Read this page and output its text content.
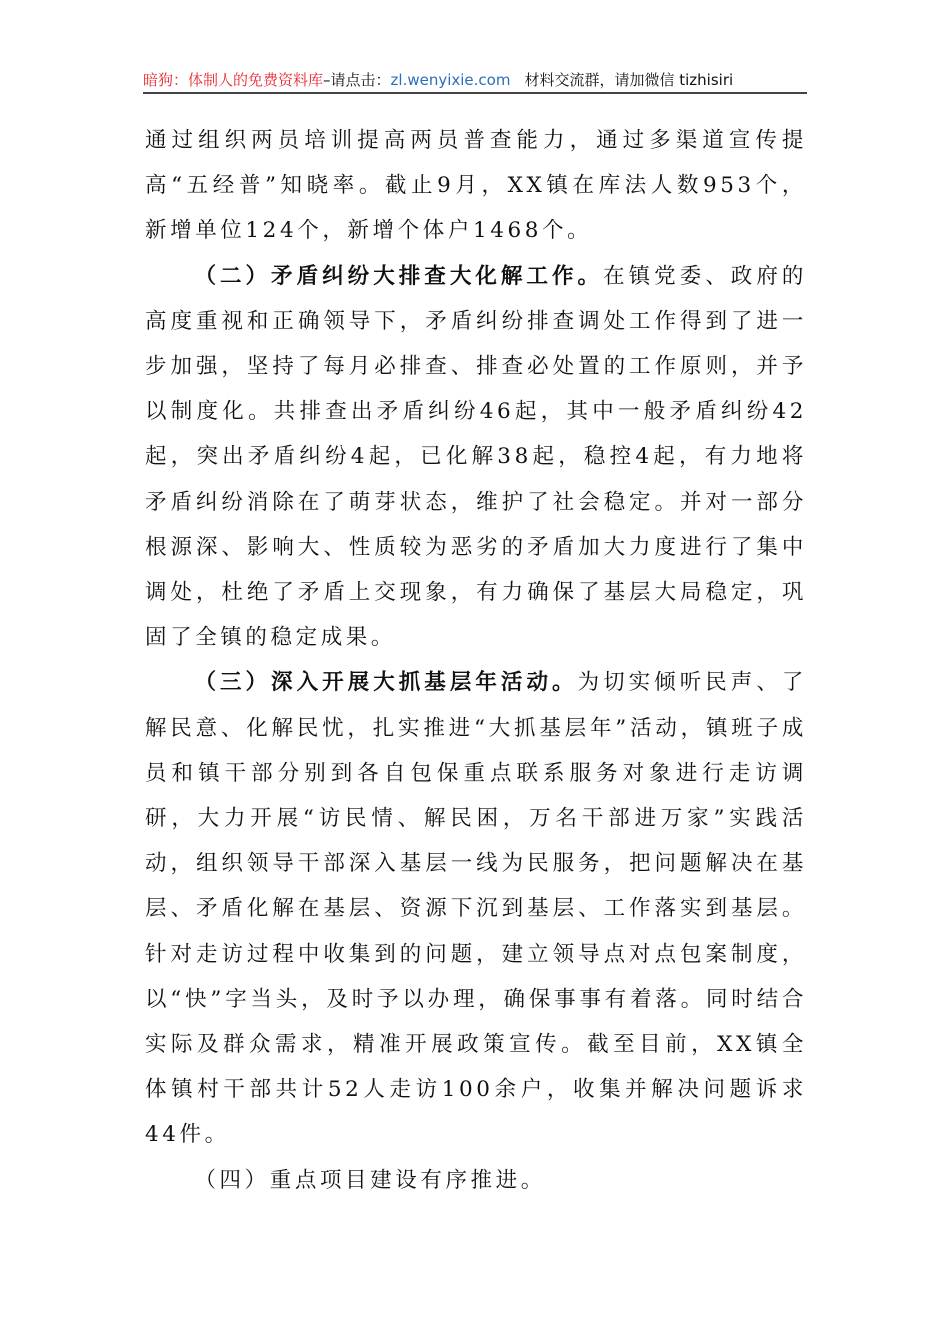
暗狗：体制人的免费资料库–请点击：zl.wenyixie.com 材料交流群，请加微信 tizhisiri

通过组织两员培训提高两员普查能力，通过多渠道宣传提高“五经普”知晓率。截止9月，XX镇在库法人数953个，新增单位124个，新增个体户1468个。

（二）矛盾纠纷大排查大化解工作。在镇党委、政府的高度重视和正确领导下，矛盾纠纷排查调处工作得到了进一步加强，坚持了每月必排查、排查必处置的工作原则，并予以制度化。共排查出矛盾纠纷46起，其中一般矛盾纠纷42起，突出矛盾纠纷4起，已化解38起，稳控4起，有力地将矛盾纠纷消除在了萌芽状态，维护了社会稳定。并对一部分根源深、影响大、性质较为恶劣的矛盾加大力度进行了集中调处，杜绝了矛盾上交现象，有力确保了基层大局稳定，巩固了全镇的稳定成果。

（三）深入开展大抓基层年活动。为切实倾听民声、了解民意、化解民忧，扎实推进“大抓基层年”活动，镇班子成员和镇干部分别到各自包保重点联系服务对象进行走访调研，大力开展“访民情、解民困，万名干部进万家”实践活动，组织领导干部深入基层一线为民服务，把问题解决在基层、矛盾化解在基层、资源下沉到基层、工作落实到基层。针对走访过程中收集到的问题，建立领导点对点包案制度，以“快”字当头，及时予以办理，确保事事有着落。同时结合实际及群众需求，精准开展政策宣传。截至目前，XX镇全体镇村干部共计52人走访100余户，收集并解决问题诉求44件。

（四）重点项目建设有序推进。
